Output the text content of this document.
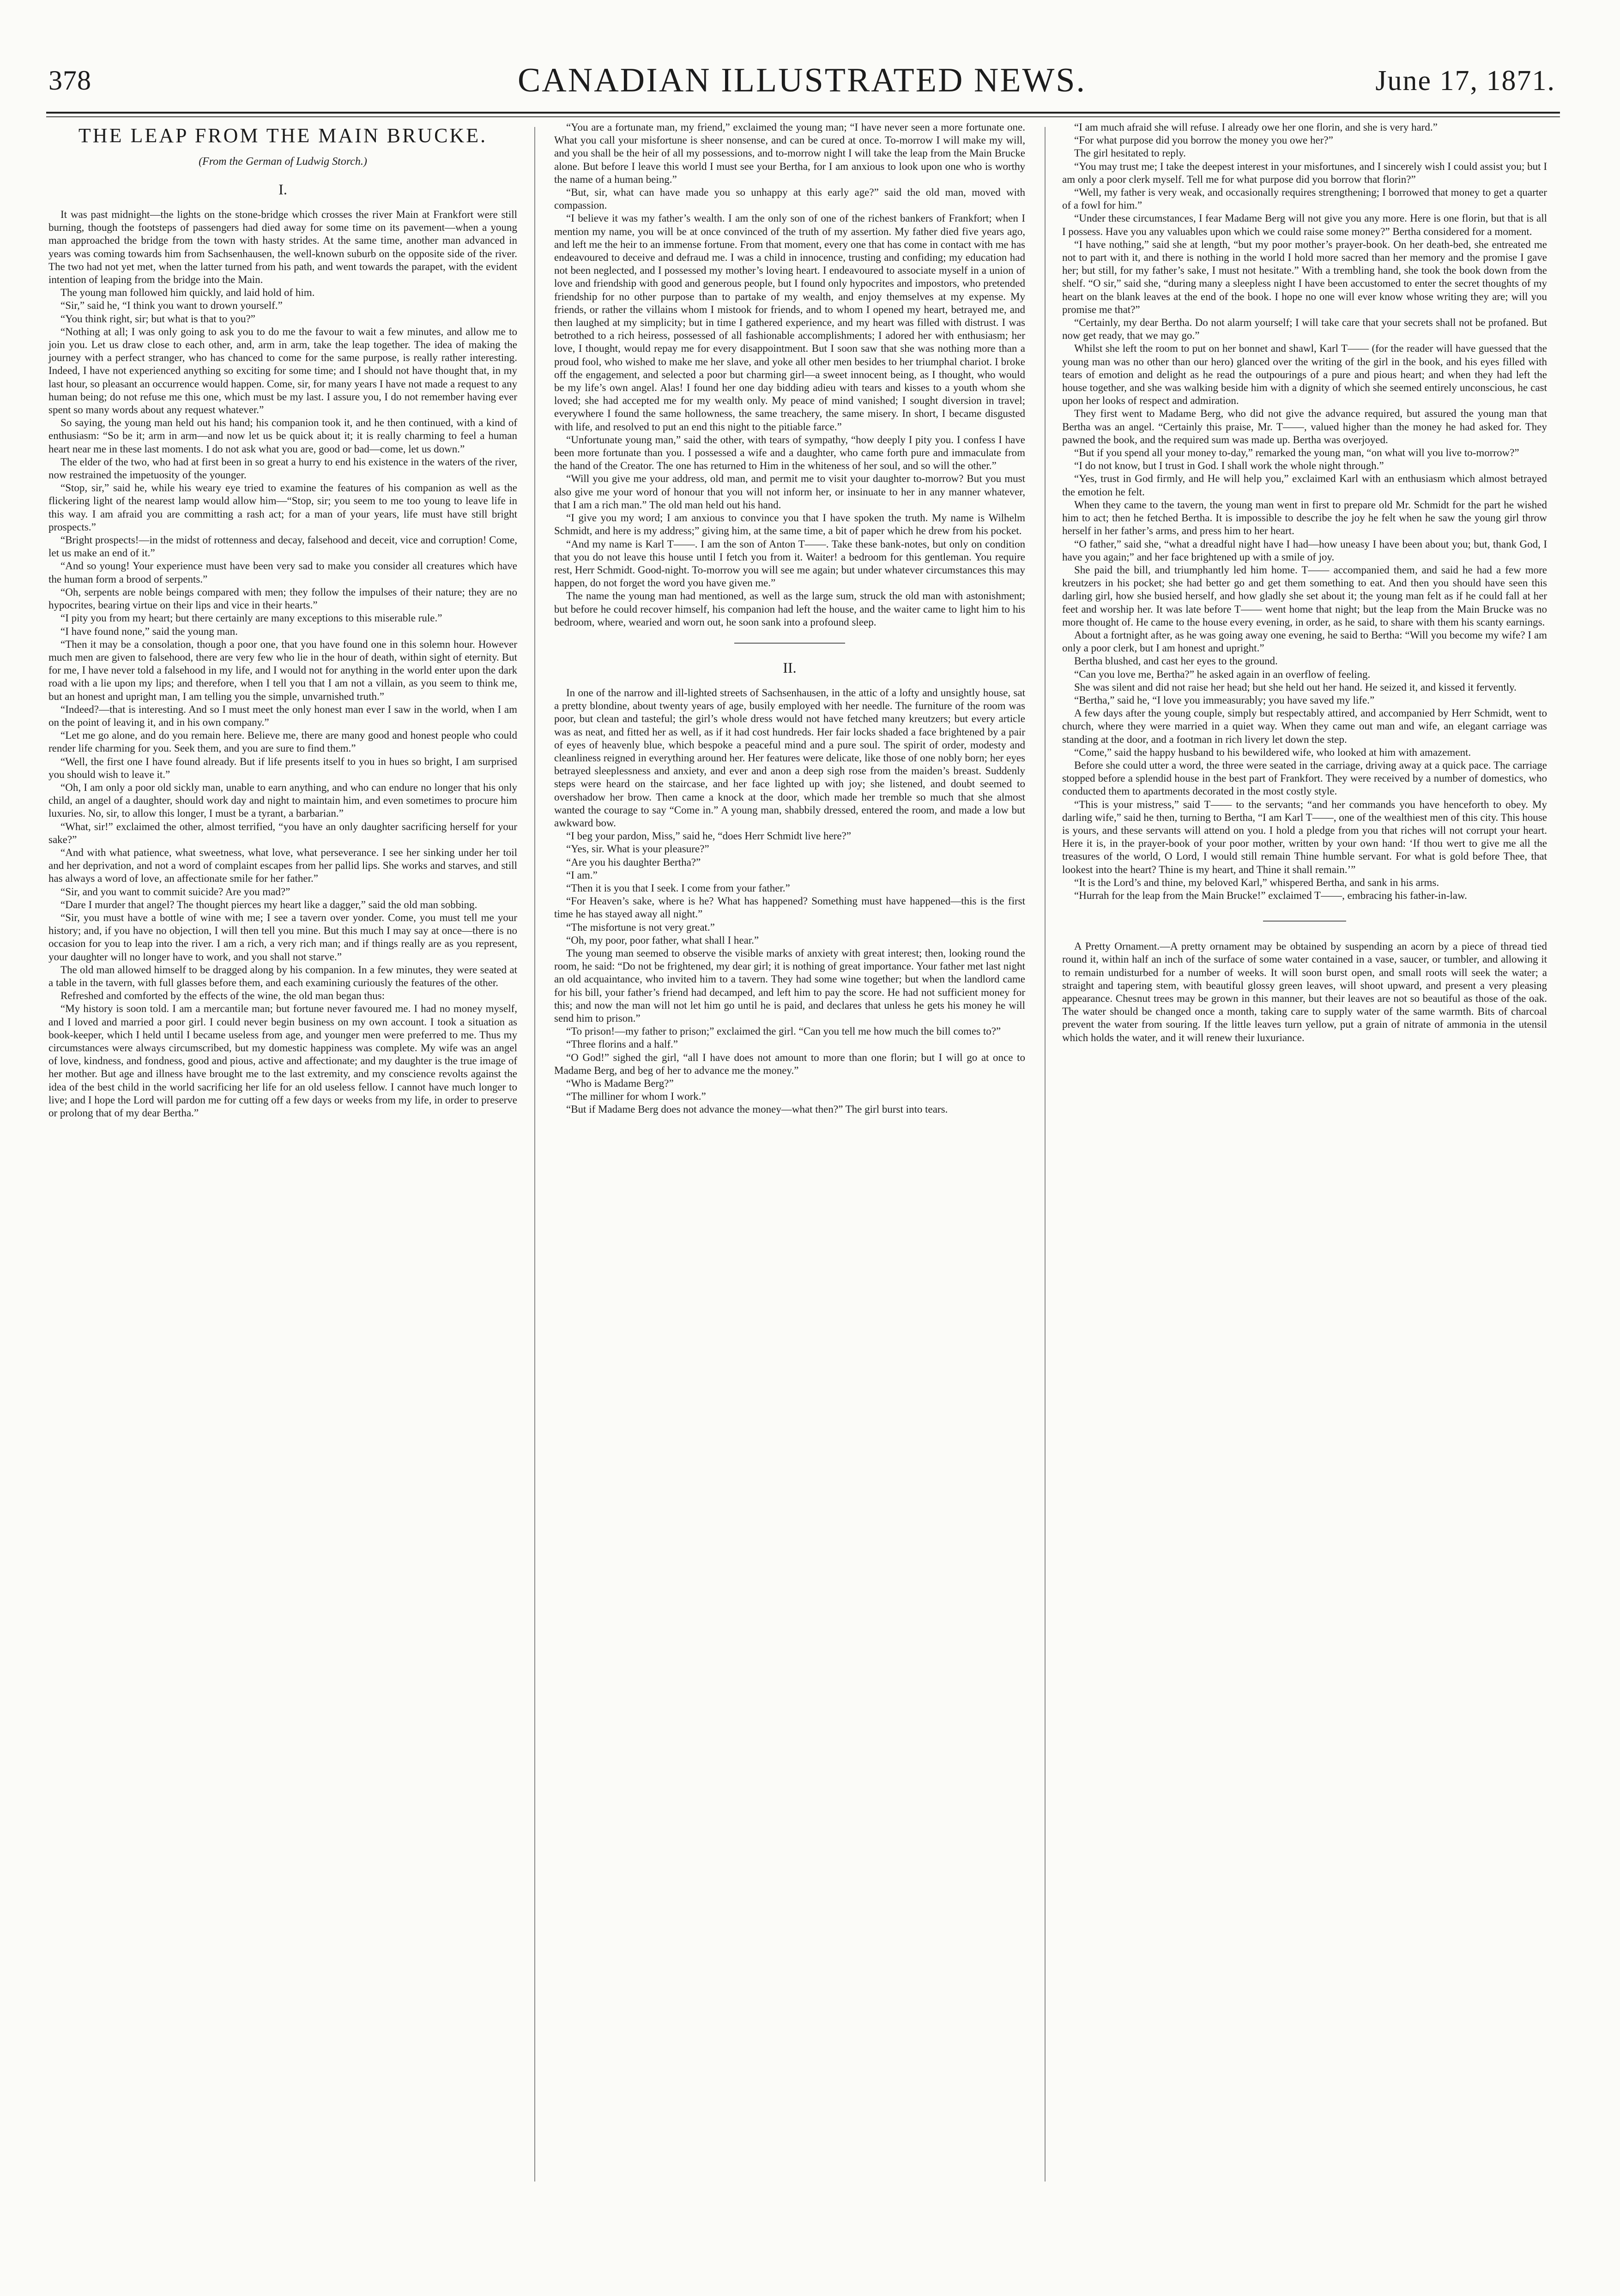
378	CANADIAN ILLUSTRATED NEWS.	June 17, 1871.
THE LEAP FROM THE MAIN BRUCKE.
(From the German of Ludwig Storch.)
I.

It was past midnight—the lights on the stone-bridge which crosses the river Main at Frankfort were still burning, though the footsteps of passengers had died away for some time on its pavement—when a young man approached the bridge from the town with hasty strides. At the same time, another man advanced in years was coming towards him from Sachsenhausen, the well-known suburb on the opposite side of the river. The two had not yet met, when the latter turned from his path, and went towards the parapet, with the evident intention of leaping from the bridge into the Main.

The young man followed him quickly, and laid hold of him.

“Sir,” said he, “I think you want to drown yourself.”

“You think right, sir; but what is that to you?”

“Nothing at all; I was only going to ask you to do me the favour to wait a few minutes, and allow me to join you. Let us draw close to each other, and, arm in arm, take the leap together. The idea of making the journey with a perfect stranger, who has chanced to come for the same purpose, is really rather interesting. Indeed, I have not experienced anything so exciting for some time; and I should not have thought that, in my last hour, so pleasant an occurrence would happen. Come, sir, for many years I have not made a request to any human being; do not refuse me this one, which must be my last. I assure you, I do not remember having ever spent so many words about any request whatever.”

So saying, the young man held out his hand; his companion took it, and he then continued, with a kind of enthusiasm: “So be it; arm in arm—and now let us be quick about it; it is really charming to feel a human heart near me in these last moments. I do not ask what you are, good or bad—come, let us down.”

The elder of the two, who had at first been in so great a hurry to end his existence in the waters of the river, now restrained the impetuosity of the younger.

“Stop, sir,” said he, while his weary eye tried to examine the features of his companion as well as the flickering light of the nearest lamp would allow him—“Stop, sir; you seem to me too young to leave life in this way. I am afraid you are committing a rash act; for a man of your years, life must have still bright prospects.”

“Bright prospects!—in the midst of rottenness and decay, falsehood and deceit, vice and corruption! Come, let us make an end of it.”

“And so young! Your experience must have been very sad to make you consider all creatures which have the human form a brood of serpents.”

“Oh, serpents are noble beings compared with men; they follow the impulses of their nature; they are no hypocrites, bearing virtue on their lips and vice in their hearts.”

“I pity you from my heart; but there certainly are many exceptions to this miserable rule.”

“I have found none,” said the young man.

“Then it may be a consolation, though a poor one, that you have found one in this solemn hour. However much men are given to falsehood, there are very few who lie in the hour of death, within sight of eternity. But for me, I have never told a falsehood in my life, and I would not for anything in the world enter upon the dark road with a lie upon my lips; and therefore, when I tell you that I am not a villain, as you seem to think me, but an honest and upright man, I am telling you the simple, unvarnished truth.”

“Indeed?—that is interesting. And so I must meet the only honest man ever I saw in the world, when I am on the point of leaving it, and in his own company.”

“Let me go alone, and do you remain here. Believe me, there are many good and honest people who could render life charming for you. Seek them, and you are sure to find them.”

“Well, the first one I have found already. But if life presents itself to you in hues so bright, I am surprised you should wish to leave it.”

“Oh, I am only a poor old sickly man, unable to earn anything, and who can endure no longer that his only child, an angel of a daughter, should work day and night to maintain him, and even sometimes to procure him luxuries. No, sir, to allow this longer, I must be a tyrant, a barbarian.”

“What, sir!” exclaimed the other, almost terrified, “you have an only daughter sacrificing herself for your sake?”

“And with what patience, what sweetness, what love, what perseverance. I see her sinking under her toil and her deprivation, and not a word of complaint escapes from her pallid lips. She works and starves, and still has always a word of love, an affectionate smile for her father.”

“Sir, and you want to commit suicide? Are you mad?”

“Dare I murder that angel? The thought pierces my heart like a dagger,” said the old man sobbing.

“Sir, you must have a bottle of wine with me; I see a tavern over yonder. Come, you must tell me your history; and, if you have no objection, I will then tell you mine. But this much I may say at once—there is no occasion for you to leap into the river. I am a rich, a very rich man; and if things really are as you represent, your daughter will no longer have to work, and you shall not starve.”

The old man allowed himself to be dragged along by his companion. In a few minutes, they were seated at a table in the tavern, with full glasses before them, and each examining curiously the features of the other.

Refreshed and comforted by the effects of the wine, the old man began thus:

“My history is soon told. I am a mercantile man; but fortune never favoured me. I had no money myself, and I loved and married a poor girl. I could never begin business on my own account. I took a situation as book-keeper, which I held until I became useless from age, and younger men were preferred to me. Thus my circumstances were always circumscribed, but my domestic happiness was complete. My wife was an angel of love, kindness, and fondness, good and pious, active and affectionate; and my daughter is the true image of her mother. But age and illness have brought me to the last extremity, and my conscience revolts against the idea of the best child in the world sacrificing her life for an old useless fellow. I cannot have much longer to live; and I hope the Lord will pardon me for cutting off a few days or weeks from my life, in order to preserve or prolong that of my dear Bertha.”

“You are a fortunate man, my friend,” exclaimed the young man; “I have never seen a more fortunate one. What you call your misfortune is sheer nonsense, and can be cured at once. To-morrow I will make my will, and you shall be the heir of all my possessions, and to-morrow night I will take the leap from the Main Brucke alone. But before I leave this world I must see your Bertha, for I am anxious to look upon one who is worthy the name of a human being.”

“But, sir, what can have made you so unhappy at this early age?” said the old man, moved with compassion.

“I believe it was my father’s wealth. I am the only son of one of the richest bankers of Frankfort; when I mention my name, you will be at once convinced of the truth of my assertion. My father died five years ago, and left me the heir to an immense fortune. From that moment, every one that has come in contact with me has endeavoured to deceive and defraud me. I was a child in innocence, trusting and confiding; my education had not been neglected, and I possessed my mother’s loving heart. I endeavoured to associate myself in a union of love and friendship with good and generous people, but I found only hypocrites and impostors, who pretended friendship for no other purpose than to partake of my wealth, and enjoy themselves at my expense. My friends, or rather the villains whom I mistook for friends, and to whom I opened my heart, betrayed me, and then laughed at my simplicity; but in time I gathered experience, and my heart was filled with distrust. I was betrothed to a rich heiress, possessed of all fashionable accomplishments; I adored her with enthusiasm; her love, I thought, would repay me for every disappointment. But I soon saw that she was nothing more than a proud fool, who wished to make me her slave, and yoke all other men besides to her triumphal chariot. I broke off the engagement, and selected a poor but charming girl—a sweet innocent being, as I thought, who would be my life’s own angel. Alas! I found her one day bidding adieu with tears and kisses to a youth whom she loved; she had accepted me for my wealth only. My peace of mind vanished; I sought diversion in travel; everywhere I found the same hollowness, the same treachery, the same misery. In short, I became disgusted with life, and resolved to put an end this night to the pitiable farce.”

“Unfortunate young man,” said the other, with tears of sympathy, “how deeply I pity you. I confess I have been more fortunate than you. I possessed a wife and a daughter, who came forth pure and immaculate from the hand of the Creator. The one has returned to Him in the whiteness of her soul, and so will the other.”

“Will you give me your address, old man, and permit me to visit your daughter to-morrow? But you must also give me your word of honour that you will not inform her, or insinuate to her in any manner whatever, that I am a rich man.” The old man held out his hand.

“I give you my word; I am anxious to convince you that I have spoken the truth. My name is Wilhelm Schmidt, and here is my address;” giving him, at the same time, a bit of paper which he drew from his pocket.

“And my name is Karl T——. I am the son of Anton T——. Take these bank-notes, but only on condition that you do not leave this house until I fetch you from it. Waiter! a bedroom for this gentleman. You require rest, Herr Schmidt. Good-night. To-morrow you will see me again; but under whatever circumstances this may happen, do not forget the word you have given me.”

The name the young man had mentioned, as well as the large sum, struck the old man with astonishment; but before he could recover himself, his companion had left the house, and the waiter came to light him to his bedroom, where, wearied and worn out, he soon sank into a profound sleep.

II.

In one of the narrow and ill-lighted streets of Sachsenhausen, in the attic of a lofty and unsightly house, sat a pretty blondine, about twenty years of age, busily employed with her needle. The furniture of the room was poor, but clean and tasteful; the girl’s whole dress would not have fetched many kreutzers; but every article was as neat, and fitted her as well, as if it had cost hundreds. Her fair locks shaded a face brightened by a pair of eyes of heavenly blue, which bespoke a peaceful mind and a pure soul. The spirit of order, modesty and cleanliness reigned in everything around her. Her features were delicate, like those of one nobly born; her eyes betrayed sleeplessness and anxiety, and ever and anon a deep sigh rose from the maiden’s breast. Suddenly steps were heard on the staircase, and her face lighted up with joy; she listened, and doubt seemed to overshadow her brow. Then came a knock at the door, which made her tremble so much that she almost wanted the courage to say “Come in.” A young man, shabbily dressed, entered the room, and made a low but awkward bow.

“I beg your pardon, Miss,” said he, “does Herr Schmidt live here?”

“Yes, sir. What is your pleasure?”

“Are you his daughter Bertha?”

“I am.”

“Then it is you that I seek. I come from your father.”

“For Heaven’s sake, where is he? What has happened? Something must have happened—this is the first time he has stayed away all night.”

“The misfortune is not very great.”

“Oh, my poor, poor father, what shall I hear.”

The young man seemed to observe the visible marks of anxiety with great interest; then, looking round the room, he said: “Do not be frightened, my dear girl; it is nothing of great importance. Your father met last night an old acquaintance, who invited him to a tavern. They had some wine together; but when the landlord came for his bill, your father’s friend had decamped, and left him to pay the score. He had not sufficient money for this; and now the man will not let him go until he is paid, and declares that unless he gets his money he will send him to prison.”

“To prison!—my father to prison;” exclaimed the girl. “Can you tell me how much the bill comes to?”

“Three florins and a half.”

“O God!” sighed the girl, “all I have does not amount to more than one florin; but I will go at once to Madame Berg, and beg of her to advance me the money.”

“Who is Madame Berg?”

“The milliner for whom I work.”

“But if Madame Berg does not advance the money—what then?” The girl burst into tears.

“I am much afraid she will refuse. I already owe her one florin, and she is very hard.”

“For what purpose did you borrow the money you owe her?”

The girl hesitated to reply.

“You may trust me; I take the deepest interest in your misfortunes, and I sincerely wish I could assist you; but I am only a poor clerk myself. Tell me for what purpose did you borrow that florin?”

“Well, my father is very weak, and occasionally requires strengthening; I borrowed that money to get a quarter of a fowl for him.”

“Under these circumstances, I fear Madame Berg will not give you any more. Here is one florin, but that is all I possess. Have you any valuables upon which we could raise some money?” Bertha considered for a moment.

“I have nothing,” said she at length, “but my poor mother’s prayer-book. On her death-bed, she entreated me not to part with it, and there is nothing in the world I hold more sacred than her memory and the promise I gave her; but still, for my father’s sake, I must not hesitate.” With a trembling hand, she took the book down from the shelf. “O sir,” said she, “during many a sleepless night I have been accustomed to enter the secret thoughts of my heart on the blank leaves at the end of the book. I hope no one will ever know whose writing they are; will you promise me that?”

“Certainly, my dear Bertha. Do not alarm yourself; I will take care that your secrets shall not be profaned. But now get ready, that we may go.”

Whilst she left the room to put on her bonnet and shawl, Karl T—— (for the reader will have guessed that the young man was no other than our hero) glanced over the writing of the girl in the book, and his eyes filled with tears of emotion and delight as he read the outpourings of a pure and pious heart; and when they had left the house together, and she was walking beside him with a dignity of which she seemed entirely unconscious, he cast upon her looks of respect and admiration.

They first went to Madame Berg, who did not give the advance required, but assured the young man that Bertha was an angel. “Certainly this praise, Mr. T——, valued higher than the money he had asked for. They pawned the book, and the required sum was made up. Bertha was overjoyed.

“But if you spend all your money to-day,” remarked the young man, “on what will you live to-morrow?”

“I do not know, but I trust in God. I shall work the whole night through.”

“Yes, trust in God firmly, and He will help you,” exclaimed Karl with an enthusiasm which almost betrayed the emotion he felt.

When they came to the tavern, the young man went in first to prepare old Mr. Schmidt for the part he wished him to act; then he fetched Bertha. It is impossible to describe the joy he felt when he saw the young girl throw herself in her father’s arms, and press him to her heart.

“O father,” said she, “what a dreadful night have I had—how uneasy I have been about you; but, thank God, I have you again;” and her face brightened up with a smile of joy.

She paid the bill, and triumphantly led him home. T—— accompanied them, and said he had a few more kreutzers in his pocket; she had better go and get them something to eat. And then you should have seen this darling girl, how she busied herself, and how gladly she set about it; the young man felt as if he could fall at her feet and worship her. It was late before T—— went home that night; but the leap from the Main Brucke was no more thought of. He came to the house every evening, in order, as he said, to share with them his scanty earnings.

About a fortnight after, as he was going away one evening, he said to Bertha: “Will you become my wife? I am only a poor clerk, but I am honest and upright.”

Bertha blushed, and cast her eyes to the ground.

“Can you love me, Bertha?” he asked again in an overflow of feeling.

She was silent and did not raise her head; but she held out her hand. He seized it, and kissed it fervently.

“Bertha,” said he, “I love you immeasurably; you have saved my life.”

A few days after the young couple, simply but respectably attired, and accompanied by Herr Schmidt, went to church, where they were married in a quiet way. When they came out man and wife, an elegant carriage was standing at the door, and a footman in rich livery let down the step.

“Come,” said the happy husband to his bewildered wife, who looked at him with amazement.

Before she could utter a word, the three were seated in the carriage, driving away at a quick pace. The carriage stopped before a splendid house in the best part of Frankfort. They were received by a number of domestics, who conducted them to apartments decorated in the most costly style.

“This is your mistress,” said T—— to the servants; “and her commands you have henceforth to obey. My darling wife,” said he then, turning to Bertha, “I am Karl T——, one of the wealthiest men of this city. This house is yours, and these servants will attend on you. I hold a pledge from you that riches will not corrupt your heart. Here it is, in the prayer-book of your poor mother, written by your own hand: ‘If thou wert to give me all the treasures of the world, O Lord, I would still remain Thine humble servant. For what is gold before Thee, that lookest into the heart? Thine is my heart, and Thine it shall remain.’”

“It is the Lord’s and thine, my beloved Karl,” whispered Bertha, and sank in his arms.

“Hurrah for the leap from the Main Brucke!” exclaimed T——, embracing his father-in-law.

A Pretty Ornament.—A pretty ornament may be obtained by suspending an acorn by a piece of thread tied round it, within half an inch of the surface of some water contained in a vase, saucer, or tumbler, and allowing it to remain undisturbed for a number of weeks. It will soon burst open, and small roots will seek the water; a straight and tapering stem, with beautiful glossy green leaves, will shoot upward, and present a very pleasing appearance. Chesnut trees may be grown in this manner, but their leaves are not so beautiful as those of the oak. The water should be changed once a month, taking care to supply water of the same warmth. Bits of charcoal prevent the water from souring. If the little leaves turn yellow, put a grain of nitrate of ammonia in the utensil which holds the water, and it will renew their luxuriance.
